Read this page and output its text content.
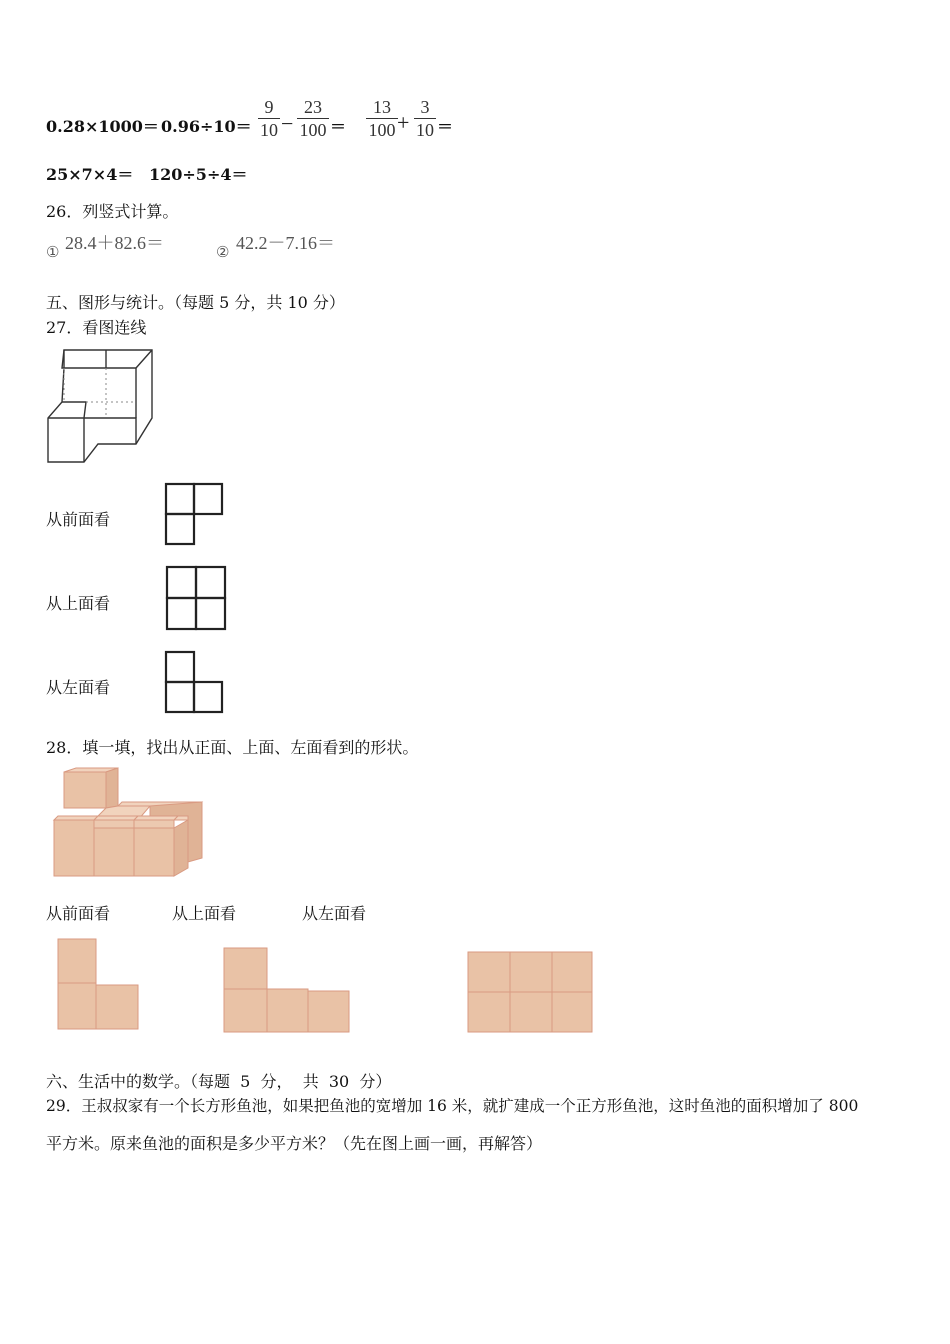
0.28×1000＝ 0.96÷10＝
9
10 −
23
100 ＝
13
100 +
3
10 ＝
25×7×4＝ 120÷5÷4＝
26．列竖式计算。
① 28.4＋82.6＝	② 42.2－7.16＝
五、图形与统计。（每题 5 分，共 10 分）
27．看图连线
从前面看
从上面看
从左面看
28．填一填，找出从正面、上面、左面看到的形状。
从前面看	从上面看	从左面看
六、生活中的数学。（每题  5  分，  共  30  分）
29．王叔叔家有一个长方形鱼池，如果把鱼池的宽增加 16 米，就扩建成一个正方形鱼池，这时鱼池的面积增加了 800
平方米。原来鱼池的面积是多少平方米？（先在图上画一画，再解答）
